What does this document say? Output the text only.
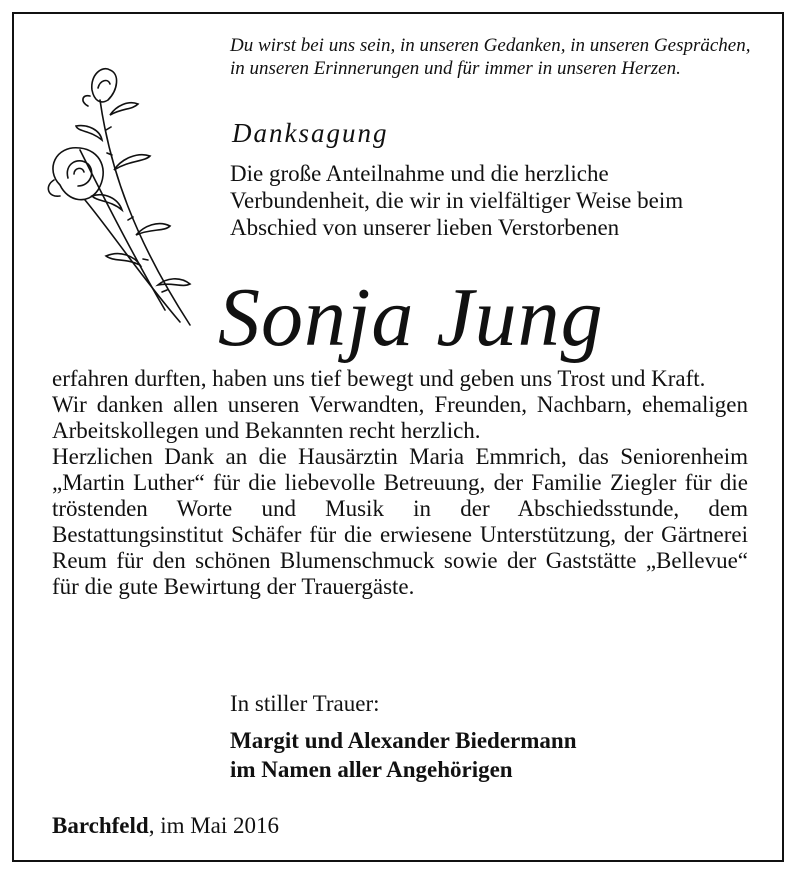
Du wirst bei uns sein, in unseren Gedanken, in unseren Gesprächen, in unseren Erinnerungen und für immer in unseren Herzen.
Danksagung
Die große Anteilnahme und die herzliche Verbundenheit, die wir in vielfältiger Weise beim Abschied von unserer lieben Verstorbenen
Sonja Jung

erfahren durften, haben uns tief bewegt und geben uns Trost und Kraft.

Wir danken allen unseren Verwandten, Freunden, Nachbarn, ehemaligen Arbeitskollegen und Bekannten recht herzlich.

Herzlichen Dank an die Hausärztin Maria Emmrich, das Seniorenheim „Martin Luther“ für die liebevolle Betreuung, der Familie Ziegler für die tröstenden Worte und Musik in der Abschiedsstunde, dem Bestattungsinstitut Schäfer für die erwiesene Unterstützung, der Gärtnerei Reum für den schönen Blumenschmuck sowie der Gaststätte „Bellevue“ für die gute Bewirtung der Trauergäste.

In stiller Trauer:
Margit und Alexander Biedermann
im Namen aller Angehörigen
Barchfeld, im Mai 2016
